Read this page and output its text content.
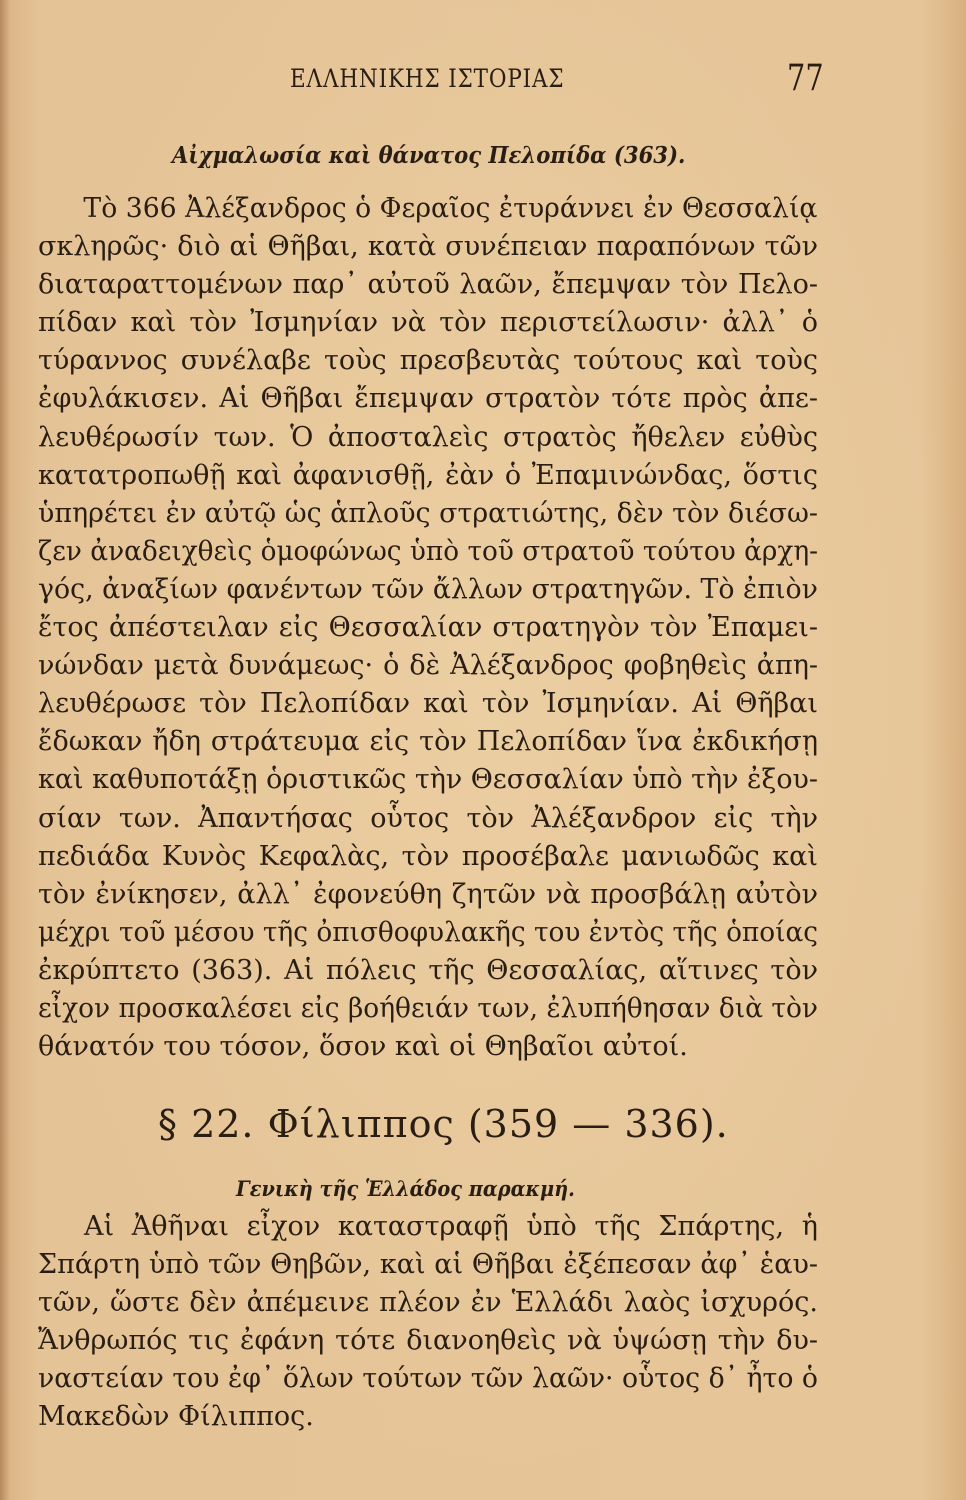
ΕΛΛΗΝΙΚΗΣ ΙΣΤΟΡΙΑΣ	77
Αἰχμαλωσία καὶ θάνατος Πελοπίδα (363).
Τὸ 366 Ἀλέξανδρος ὁ Φεραῖος ἐτυράννει ἐν Θεσσαλίᾳ
σκληρῶς· διὸ αἱ Θῆβαι, κατὰ συνέπειαν παραπόνων τῶν
διαταραττομένων παρ᾽ αὐτοῦ λαῶν, ἔπεμψαν τὸν Πελο-
πίδαν καὶ τὸν Ἰσμηνίαν νὰ τὸν περιστείλωσιν· ἀλλ᾽ ὁ
τύραννος συνέλαβε τοὺς πρεσβευτὰς τούτους καὶ τοὺς
ἐφυλάκισεν. Αἱ Θῆβαι ἔπεμψαν στρατὸν τότε πρὸς ἀπε-
λευθέρωσίν των. Ὁ ἀποσταλεὶς στρατὸς ἤθελεν εὐθὺς
κατατροπωθῇ καὶ ἀφανισθῇ, ἐὰν ὁ Ἐπαμινώνδας, ὅστις
ὑπηρέτει ἐν αὐτῷ ὡς ἁπλοῦς στρατιώτης, δὲν τὸν διέσω-
ζεν ἀναδειχθεὶς ὁμοφώνως ὑπὸ τοῦ στρατοῦ τούτου ἀρχη-
γός, ἀναξίων φανέντων τῶν ἄλλων στρατηγῶν. Τὸ ἐπιὸν
ἔτος ἀπέστειλαν εἰς Θεσσαλίαν στρατηγὸν τὸν Ἐπαμει-
νώνδαν μετὰ δυνάμεως· ὁ δὲ Ἀλέξανδρος φοβηθεὶς ἀπη-
λευθέρωσε τὸν Πελοπίδαν καὶ τὸν Ἰσμηνίαν. Αἱ Θῆβαι
ἔδωκαν ἤδη στράτευμα εἰς τὸν Πελοπίδαν ἵνα ἐκδικήσῃ
καὶ καθυποτάξῃ ὁριστικῶς τὴν Θεσσαλίαν ὑπὸ τὴν ἐξου-
σίαν των. Ἀπαντήσας οὗτος τὸν Ἀλέξανδρον εἰς τὴν
πεδιάδα Κυνὸς Κεφαλὰς, τὸν προσέβαλε μανιωδῶς καὶ
τὸν ἐνίκησεν, ἀλλ᾽ ἐφονεύθη ζητῶν νὰ προσβάλῃ αὐτὸν
μέχρι τοῦ μέσου τῆς ὀπισθοφυλακῆς του ἐντὸς τῆς ὁποίας
ἐκρύπτετο (363). Αἱ πόλεις τῆς Θεσσαλίας, αἵτινες τὸν
εἶχον προσκαλέσει εἰς βοήθειάν των, ἐλυπήθησαν διὰ τὸν
θάνατόν του τόσον, ὅσον καὶ οἱ Θηβαῖοι αὐτοί.
§ 22. Φίλιππος (359 — 336).
Γενικὴ τῆς Ἑλλάδος παρακμή.
Αἱ Ἀθῆναι εἶχον καταστραφῇ ὑπὸ τῆς Σπάρτης, ἡ
Σπάρτη ὑπὸ τῶν Θηβῶν, καὶ αἱ Θῆβαι ἐξέπεσαν ἀφ᾽ ἑαυ-
τῶν, ὥστε δὲν ἀπέμεινε πλέον ἐν Ἑλλάδι λαὸς ἰσχυρός.
Ἄνθρωπός τις ἐφάνη τότε διανοηθεὶς νὰ ὑψώσῃ τὴν δυ-
ναστείαν του ἐφ᾽ ὅλων τούτων τῶν λαῶν· οὗτος δ᾽ ἦτο ὁ
Μακεδὼν Φίλιππος.
